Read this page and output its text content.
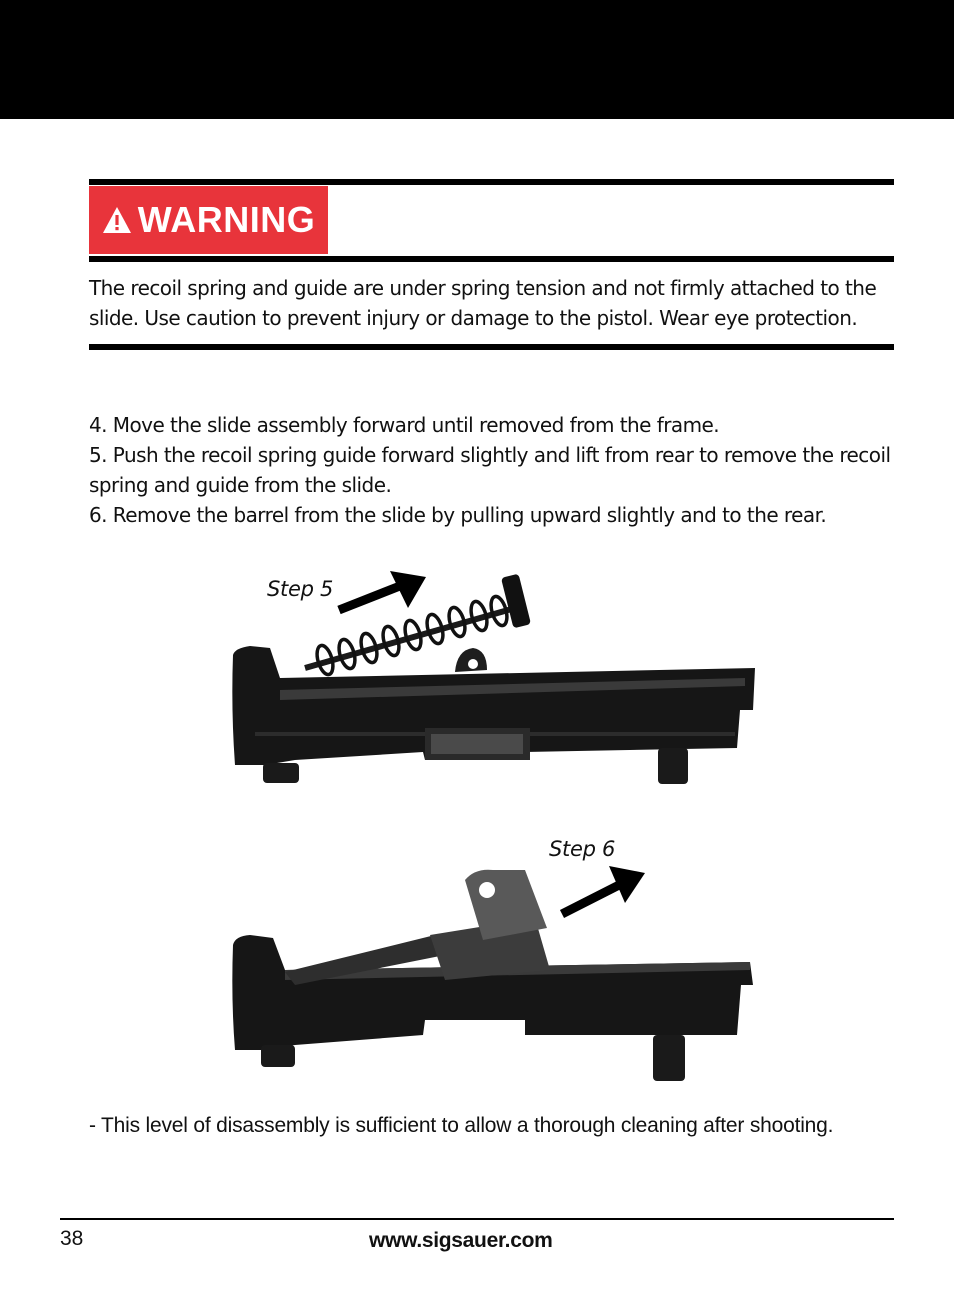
WARNING

The recoil spring and guide are under spring tension and not firmly attached to the slide. Use caution to prevent injury or damage to the pistol. Wear eye protection.

4. Move the slide assembly forward until removed from the frame.
5. Push the recoil spring guide forward slightly and lift from rear to remove the recoil spring and guide from the slide.
6. Remove the barrel from the slide by pulling upward slightly and to the rear.
Step 5
Step 6

- This level of disassembly is sufficient to allow a thorough cleaning after shooting.

38	www.sigsauer.com
